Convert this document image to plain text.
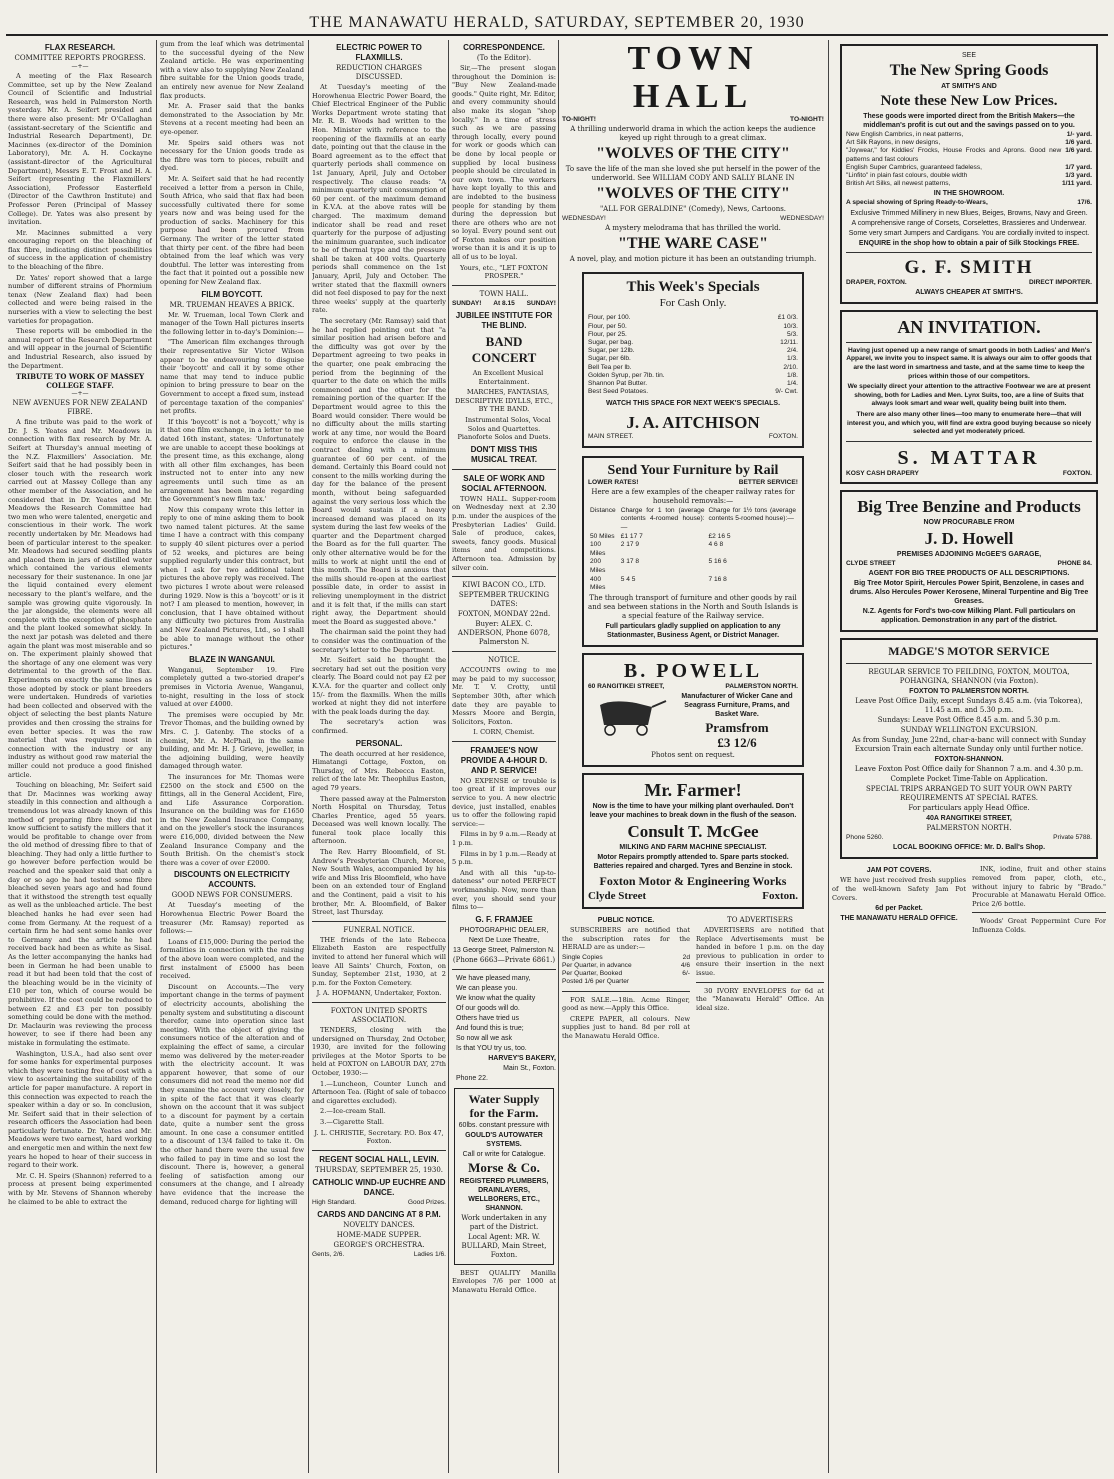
THE MANAWATU HERALD, SATURDAY, SEPTEMBER 20, 1930
FLAX RESEARCH.
COMMITTEE REPORTS PROGRESS.
—+—

A meeting of the Flax Research Committee, set up by the New Zealand Council of Scientific and Industrial Research, was held in Palmerston North yesterday. Mr. A. Seifert presided and there were also present: Mr O'Callaghan (assistant-secretary of the Scientific and Industrial Research Department), Dr. Macinnes (ex-director of the Dominion Laboratory), Mr. A. H. Cockayne (assistant-director of the Agricultural Department), Messrs E. T. Frost and H. A. Seifert (representing the Flaxmillers' Association), Professor Easterfield (Director of the Cawthron Institute) and Professor Peren (Principal of Massey College). Dr. Yates was also present by invitation.

Mr. Macinnes submitted a very encouraging report on the bleaching of flax fibre, indicating distinct possibilities of success in the application of chemistry to the bleaching of the fibre.

Dr. Yates' report showed that a large number of different strains of Phormium tenax (New Zealand flax) had been collected and were being raised in the nurseries with a view to selecting the best varieties for propagation.

These reports will be embodied in the annual report of the Research Department and will appear in the journal of Scientific and Industrial Research, also issued by the Department.

TRIBUTE TO WORK OF MASSEY COLLEGE STAFF.
—+—
NEW AVENUES FOR NEW ZEALAND FIBRE.

A fine tribute was paid to the work of Dr. J. S. Yeates and Mr. Meadows in connection with flax research by Mr. A. Seifert at Thursday's annual meeting of the N.Z. Flaxmillers' Association. Mr. Seifert said that he had possibly been in closer touch with the research work carried out at Massey College than any other member of the Association, and he considered that in Dr. Yeates and Mr. Meadows the Research Committee had two men who were talented, energetic and conscientious in their work. The work recently undertaken by Mr. Meadows had been of particular interest to the speaker. Mr. Meadows had secured seedling plants and placed them in jars of distilled water which contained the various elements necessary for their sustenance. In one jar the liquid contained every element necessary to the plant's welfare, and the sample was growing quite vigorously. In the jar alongside, the elements were all complete with the exception of phosphate and the plant looked somewhat sickly. In the next jar potash was deleted and there again the plant was most miserable and so on. The experiment plainly showed that the shortage of any one element was very detrimental to the growth of the flax. Experiments on exactly the same lines as those adopted by stock or plant breeders were undertaken. Hundreds of varieties had been collected and observed with the object of selecting the best plants Nature provides and then crossing the strains for even better species. It was the raw material that was required most in connection with the industry or any industry as without good raw material the miller could not produce a good finished article.

Touching on bleaching, Mr. Seifert said that Dr. Macinnes was working away steadily in this connection and although a tremendous lot was already known of this method of preparing fibre they did not know sufficient to satisfy the millers that it would be profitable to change over from the old method of dressing fibre to that of bleaching. They had only a little further to go however before perfection would be reached and the speaker said that only a day or so ago he had tested some fibre bleached seven years ago and had found that it withstood the strength test equally as well as the unbleached article. The best bleached hanks he had ever seen had come from Germany. At the request of a certain firm he had sent some hanks over to Germany and the article he had received back had been as white as Sisal. As the letter accompanying the hanks had been in German he had been unable to read it but had been told that the cost of the bleaching would be in the vicinity of £10 per ton, which of course would be prohibitive. If the cost could be reduced to between £2 and £3 per ton possibly something could be done with the method. Dr. Maclaurin was reviewing the process however, to see if there had been any mistake in formulating the estimate.

Washington, U.S.A., had also sent over for some hanks for experimental purposes which they were testing free of cost with a view to ascertaining the suitability of the article for paper manufacture. A report in this connection was expected to reach the speaker within a day or so. In conclusion, Mr. Seifert said that in their selection of research officers the Association had been particularly fortunate. Dr. Yeates and Mr. Meadows were two earnest, hard working and energetic men and within the next few years he hoped to hear of their success in regard to their work.

Mr. C. H. Speirs (Shannon) referred to a process at present being experimented with by Mr. Stevens of Shannon whereby he claimed to be able to extract the

gum from the leaf which was detrimental to the successful dyeing of the New Zealand article. He was experimenting with a view also to supplying New Zealand fibre suitable for the Union goods trade, an entirely new avenue for New Zealand flax products.

Mr. A. Fraser said that the banks demonstrated to the Association by Mr. Stevens at a recent meeting had been an eye-opener.

Mr. Speirs said others was not necessary for the Union goods trade as the fibre was torn to pieces, rebuilt and dyed.

Mr. A. Seifert said that he had recently received a letter from a person in Chile, South Africa, who said that flax had been successfully cultivated there for some years now and was being used for the production of sacks. Machinery for this purpose had been procured from Germany. The writer of the letter stated that thirty per cent. of the fibre had been obtained from the leaf which was very doubtful. The letter was interesting from the fact that it pointed out a possible new opening for New Zealand flax.

FILM BOYCOTT.
MR. TRUEMAN HEAVES A BRICK.

Mr. W. Trueman, local Town Clerk and manager of the Town Hall pictures inserts the following letter in to-day's Dominion:—

"The American film exchanges through their representative Sir Victor Wilson appear to be endeavouring to disguise their 'boycott' and call it by some other name that may tend to induce public opinion to bring pressure to bear on the Government to accept a fixed sum, instead of percentage taxation of the companies' net profits.

If this 'boycott' is not a 'boycott,' why is it that one film exchange, in a letter to me dated 16th instant, states: 'Unfortunately we are unable to accept these bookings at the present time, as this exchange, along with all other film exchanges, has been instructed not to enter into any new agreements until such time as an arrangement has been made regarding the Government's new film tax.'

Now this company wrote this letter in reply to one of mine asking them to book two named talent pictures. At the same time I have a contract with this company to supply 40 silent pictures over a period of 52 weeks, and pictures are being supplied regularly under this contract, but when I ask for two additional talent pictures the above reply was received. The two pictures I wrote about were released during 1929. Now is this a 'boycott' or is it not? I am pleased to mention, however, in conclusion, that I have obtained without any difficulty two pictures from Australia and New Zealand Pictures, Ltd., so I shall be able to manage without the other pictures."

BLAZE IN WANGANUI.

Wanganui, September 19. Fire completely gutted a two-storied draper's premises in Victoria Avenue, Wanganui, to-night, resulting in the loss of stock valued at over £4000.

The premises were occupied by Mr. Trevor Thomas, and the building owned by Mrs. C. J. Gatenby. The stocks of a chemist, Mr. A. McPhail, in the same building, and Mr. H. J. Grieve, jeweller, in the adjoining building, were heavily damaged through water.

The insurances for Mr. Thomas were £2500 on the stock and £500 on the fittings, all in the General Accident, Fire, and Life Assurance Corporation. Insurance on the building was for £1650 in the New Zealand Insurance Company, and on the jeweller's stock the insurances were £16,000, divided between the New Zealand Insurance Company and the South British. On the chemist's stock there was a cover of over £2000.

DISCOUNTS ON ELECTRICITY ACCOUNTS.
GOOD NEWS FOR CONSUMERS.

At Tuesday's meeting of the Horowhenua Electric Power Board the treasurer (Mr. Ramsay) reported as follows:—

Loans of £15,000: During the period the formalities in connection with the raising of the above loan were completed, and the first instalment of £5000 has been received.

Discount on Accounts.—The very important change in the terms of payment of electricity accounts, abolishing the penalty system and substituting a discount therefor, came into operation since last meeting. With the object of giving the consumers notice of the alteration and of explaining the effect of same, a circular memo was delivered by the meter-reader with the electricity account. It was apparent however, that some of our consumers did not read the memo nor did they examine the account very closely, for in spite of the fact that it was clearly shown on the account that it was subject to a discount for payment by a certain date, quite a number sent the gross amount. In one case a consumer entitled to a discount of 13/4 failed to take it. On the other hand there were the usual few who failed to pay in time and so lost the discount. There is, however, a general feeling of satisfaction among our consumers at the change, and I already have evidence that the increase the demand, reduced charge for lighting will

ELECTRIC POWER TO FLAXMILLS.
REDUCTION CHARGES DISCUSSED.

At Tuesday's meeting of the Horowhenua Electric Power Board, the Chief Electrical Engineer of the Public Works Department wrote stating that Mr. R. B. Woods had written to the Hon. Minister with reference to the reopening of the flaxmills at an early date, pointing out that the clause in the Board agreement as to the effect that quarterly periods shall commence on 1st January, April, July and October respectively. The clause reads: "A minimum quarterly unit consumption of 60 per cent. of the maximum demand in K.V.A. at the above rates will be charged. The maximum demand indicator shall be read and reset quarterly for the purpose of adjusting the minimum guarantee, such indicator to be of thermal type and the pressure shall be taken at 400 volts. Quarterly periods shall commence on the 1st January, April, July and October. The writer stated that the flaxmill owners did not feel disposed to pay for the next three weeks' supply at the quarterly rate.

The secretary (Mr. Ramsay) said that he had replied pointing out that "a similar position had arisen before and the difficulty was got over by the Department agreeing to two peaks in the quarter, one peak embracing the period from the beginning of the quarter to the date on which the mills commenced and the other for the remaining portion of the quarter. If the Department would agree to this the Board would consider. There would be no difficulty about the mills starting work at any time, nor would the Board require to enforce the clause in the contract dealing with a minimum guarantee of 60 per cent. of the demand. Certainly this Board could not consent to the mills working during the day for the balance of the present month, without being safeguarded against the very serious loss which the Board would sustain if a heavy increased demand was placed on its system during the last few weeks of the quarter and the Department charged the Board as for the full quarter. The only other alternative would be for the mills to work at night until the end of this month. The Board is anxious that the mills should re-open at the earliest possible date, in order to assist in relieving unemployment in the district and it is felt that, if the mills can start right away, the Department should meet the Board as suggested above."

The chairman said the point they had to consider was the continuation of the secretary's letter to the Department.

Mr. Seifert said he thought the secretary had set out the position very clearly. The Board could not pay £2 per K.V.A. for the quarter and collect only 15/- from the flaxmills. When the mills worked at night they did not interfere with the peak loads during the day.

The secretary's action was confirmed.

PERSONAL.

The death occurred at her residence, Himatangi Cottage, Foxton, on Thursday, of Mrs. Rebecca Easton, relict of the late Mr. Theophilus Easton, aged 79 years.

There passed away at the Palmerston North Hospital on Thursday, Tetus Charles Prentice, aged 55 years. Deceased was well known locally. The funeral took place locally this afternoon.

The Rev. Harry Bloomfield, of St. Andrew's Presbyterian Church, Moree, New South Wales, accompanied by his wife and Miss Iris Bloomfield, who have been on an extended tour of England and the Continent, paid a visit to his brother, Mr. A. Bloomfield, of Baker Street, last Thursday.

FUNERAL NOTICE.

THE friends of the late Rebecca Elizabeth Easton are respectfully invited to attend her funeral which will leave All Saints' Church, Foxton, on Sunday, September 21st, 1930, at 2 p.m. for the Foxton Cemetery.

J. A. HOFMANN, Undertaker, Foxton.
FOXTON UNITED SPORTS ASSOCIATION.

TENDERS, closing with the undersigned on Thursday, 2nd October, 1930, are invited for the following privileges at the Motor Sports to be held at FOXTON on LABOUR DAY, 27th October, 1930:—

1.—Luncheon, Counter Lunch and Afternoon Tea. (Right of sale of tobacco and cigarettes excluded).

2.—Ice-cream Stall.

3.—Cigarette Stall.

J. L. CHRISTIE, Secretary. P.O. Box 47, Foxton.
REGENT SOCIAL HALL, LEVIN.
THURSDAY, SEPTEMBER 25, 1930.
CATHOLIC WIND-UP EUCHRE AND DANCE.
High Standard.	Good Prizes.
CARDS AND DANCING AT 8 P.M.
NOVELTY DANCES.
HOME-MADE SUPPER.
GEORGE'S ORCHESTRA.
Gents, 2/6.	Ladies 1/6.
CORRESPONDENCE.
(To the Editor).

Sir,—The present slogan throughout the Dominion is: "Buy New Zealand-made goods." Quite right, Mr. Editor, and every community should also make its slogan "shop locally." In a time of stress such as we are passing through locally, every pound for work or goods which can be done by local people or supplied by local business people should be circulated in our own town. The workers have kept loyally to this and are indebted to the business people for standing by them during the depression but there are others who are not so loyal. Every pound sent out of Foxton makes our position worse than it is and it is up to all of us to be loyal.

Yours, etc., "LET FOXTON PROSPER."
TOWN HALL.
SUNDAY! At 8.15 SUNDAY!
JUBILEE INSTITUTE FOR THE BLIND.
BAND CONCERT

An Excellent Musical Entertainment.

MARCHES, FANTASIAS, DESCRIPTIVE IDYLLS, ETC., BY THE BAND.

Instrumental Solos, Vocal Solos and Quartettes. Pianoforte Solos and Duets.

DON'T MISS THIS MUSICAL TREAT.
SALE OF WORK AND SOCIAL AFTERNOON.

TOWN HALL. Supper-room on Wednesday next at 2.30 p.m. under the auspices of the Presbyterian Ladies' Guild. Sale of produce, cakes, sweets, fancy goods. Musical items and competitions. Afternoon tea. Admission by silver coin.

KIWI BACON CO., LTD.
SEPTEMBER TRUCKING DATES:
FOXTON, MONDAY 22nd.
Buyer: ALEX. C. ANDERSON, Phone 6078, Palmerston N.
NOTICE.

ACCOUNTS owing to me may be paid to my successor, Mr. T. V. Crotty, until September 30th, after which date they are payable to Messrs Moore and Bergin, Solicitors, Foxton.

I. CORN, Chemist.
FRAMJEE'S NOW PROVIDE A 4-HOUR D. AND P. SERVICE!

NO EXPENSE or trouble is too great if it improves our service to you. A new electric device, just installed, enables us to offer the following rapid service:—

Films in by 9 a.m.—Ready at 1 p.m.

Films in by 1 p.m.—Ready at 5 p.m.

And with all this "up-to-dateness" our noted PERFECT workmanship. Now, more than ever, you should send your films to—

G. F. FRAMJEE
PHOTOGRAPHIC DEALER,
Next De Luxe Theatre,
13 George Street, Palmerston N.
(Phone 6663—Private 6861.)
We have pleased many,
We can please you.
We know what the quality
Of our goods will do.
Others have tried us
And found this is true;
So now all we ask
Is that YOU try us, too.
HARVEY'S BAKERY,
Main St., Foxton.
Phone 22.
Water Supply
for the Farm.
60lbs. constant pressure with
GOULD'S AUTOWATER SYSTEMS.
Call or write for Catalogue.
Morse & Co.
REGISTERED PLUMBERS, DRAINLAYERS, WELLBORERS, ETC., SHANNON.
Work undertaken in any part of the District.
Local Agent: MR. W. BULLARD, Main Street, Foxton.

BEST QUALITY Manilla Envelopes 7/6 per 1000 at Manawatu Herald Office.

TOWN HALL
TO-NIGHT!	TO-NIGHT!
A thrilling underworld drama in which the action keeps the audience keyed up right through to a great climax.
"WOLVES OF THE CITY"
To save the life of the man she loved she put herself in the power of the underworld. See WILLIAM CODY AND SALLY BLANE IN
"WOLVES OF THE CITY"
"ALL FOR GERALDINE" (Comedy), News, Cartoons.
WEDNESDAY!	WEDNESDAY!
A mystery melodrama that has thrilled the world.
"THE WARE CASE"
A novel, play, and motion picture it has been an outstanding triumph.
This Week's Specials
For Cash Only.
Flour, per 100.	£1 0/3.
Flour, per 50.	10/3.
Flour, per 25.	5/3.
Sugar, per bag.	12/11.
Sugar, per 12lb.	2/4.
Sugar, per 6lb.	1/3.
Bell Tea per lb.	2/10.
Golden Syrup, per 7lb. tin.	1/8.
Shannon Pat Butter.	1/4.
Best Seed Potatoes.	9/- Cwt.
WATCH THIS SPACE FOR NEXT WEEK'S SPECIALS.
J. A. AITCHISON
MAIN STREET.	FOXTON.
Send Your Furniture by Rail
LOWER RATES!	BETTER SERVICE!
Here are a few examples of the cheaper railway rates for household removals:—
Distance	Charge for 1 ton (average contents 4-roomed house):—	Charge for 1½ tons (average contents 5-roomed house):—
50 Miles	£1 17 7	£2 16 5
100 Miles	2 17 9	4 6 8
200 Miles	3 17 8	5 16 6
400 Miles	5 4 5	7 16 8
The through transport of furniture and other goods by rail and sea between stations in the North and South Islands is a special feature of the Railway service.
Full particulars gladly supplied on application to any Stationmaster, Business Agent, or District Manager.
B. POWELL
60 RANGITIKEI STREET,	PALMERSTON NORTH.
Manufacturer of Wicker Cane and Seagrass Furniture, Prams, and Basket Ware.
Pramsfrom
£3 12/6
Photos sent on request.
Mr. Farmer!
Now is the time to have your milking plant overhauled. Don't leave your machines to break down in the flush of the season.
Consult T. McGee
MILKING AND FARM MACHINE SPECIALIST.
Motor Repairs promptly attended to. Spare parts stocked. Batteries repaired and charged. Tyres and Benzine in stock.
Foxton Motor & Engineering Works
Clyde Street	Foxton.
PUBLIC NOTICE.

SUBSCRIBERS are notified that the subscription rates for the HERALD are as under:—

Single Copies	2d
Per Quarter, in advance	4/6
Per Quarter, Booked	6/-
Posted 1/6 per Quarter

FOR SALE.—18in. Acme Ringer, good as new.—Apply this Office.

CREPE PAPER, all colours. New supplies just to hand. 8d per roll at the Manawatu Herald Office.

TO ADVERTISERS

ADVERTISERS are notified that Replace Advertisements must be handed in before 1 p.m. on the day previous to publication in order to ensure their insertion in the next issue.

30 IVORY ENVELOPES for 6d at the "Manawatu Herald" Office. An ideal size.

SEE
The New Spring Goods
AT SMITH'S AND
Note these New Low Prices.
These goods were imported direct from the British Makers—the middleman's profit is cut out and the savings passed on to you.
New English Cambrics, in neat patterns,	1/- yard.
Art Silk Rayons, in new designs,	1/6 yard.
"Joywear," for Kiddies' Frocks, House Frocks and Aprons. Good new patterns and fast colours
1/6 yard.
English Super Cambrics, guaranteed fadeless,	1/7 yard.
"Linfito" in plain fast colours, double width	1/3 yard.
British Art Silks, all newest patterns,	1/11 yard.
IN THE SHOWROOM.
A special showing of Spring Ready-to-Wears,	17/6.
Exclusive Trimmed Millinery in new Blues, Beiges, Browns, Navy and Green.
A comprehensive range of Corsets, Corselettes, Brassieres and Underwear.
Some very smart Jumpers and Cardigans. You are cordially invited to inspect.
ENQUIRE in the shop how to obtain a pair of Silk Stockings FREE.
G. F. SMITH
DRAPER, FOXTON.	DIRECT IMPORTER.
ALWAYS CHEAPER AT SMITH'S.
AN INVITATION.

Having just opened up a new range of smart goods in both Ladies' and Men's Apparel, we invite you to inspect same. It is always our aim to offer goods that are the last word in smartness and taste, and at the same time to keep the prices within those of our competitors.

We specially direct your attention to the attractive Footwear we are at present showing, both for Ladies and Men. Lynx Suits, too, are a line of Suits that always look smart and wear well, quality being built into them.

There are also many other lines—too many to enumerate here—that will interest you, and which you, will find are extra good buying because so nicely selected and yet moderately priced.

S. MATTAR
KOSY CASH DRAPERY	FOXTON.
Big Tree Benzine and Products
NOW PROCURABLE FROM
J. D. Howell
PREMISES ADJOINING McGEE'S GARAGE,
CLYDE STREET	PHONE 84.
AGENT FOR BIG TREE PRODUCTS OF ALL DESCRIPTIONS.
Big Tree Motor Spirit, Hercules Power Spirit, Benzolene, in cases and drums. Also Hercules Power Kerosene, Mineral Turpentine and Big Tree Greases.
N.Z. Agents for Ford's two-cow Milking Plant. Full particulars on application. Demonstration in any part of the district.
MADGE'S MOTOR SERVICE
REGULAR SERVICE TO FEILDING, FOXTON, MOUTOA, POHANGINA, SHANNON (via Foxton).
FOXTON TO PALMERSTON NORTH.
Leave Post Office Daily, except Sundays 8.45 a.m. (via Tokorea), 11.45 a.m. and 5.30 p.m.
Sundays: Leave Post Office 8.45 a.m. and 5.30 p.m.
SUNDAY WELLINGTON EXCURSION.
As from Sunday, June 22nd, char-a-banc will connect with Sunday Excursion Train each alternate Sunday only until further notice.
FOXTON-SHANNON.
Leave Foxton Post Office daily for Shannon 7 a.m. and 4.30 p.m.
Complete Pocket Time-Table on Application.
SPECIAL TRIPS ARRANGED TO SUIT YOUR OWN PARTY REQUIREMENTS AT SPECIAL RATES.
For particulars apply Head Office.
40A RANGITIKEI STREET,
PALMERSTON NORTH.
Phone 5260.	Private 5788.
LOCAL BOOKING OFFICE: Mr. D. Ball's Shop.
JAM POT COVERS.

WE have just received fresh supplies of the well-known Safety Jam Pot Covers.

6d per Packet.
THE MANAWATU HERALD OFFICE.

INK, iodine, fruit and other stains removed from paper, cloth, etc., without injury to fabric by "Brado." Procurable at Manawatu Herald Office. Price 2/6 bottle.

Woods' Great Peppermint Cure For Influenza Colds.
